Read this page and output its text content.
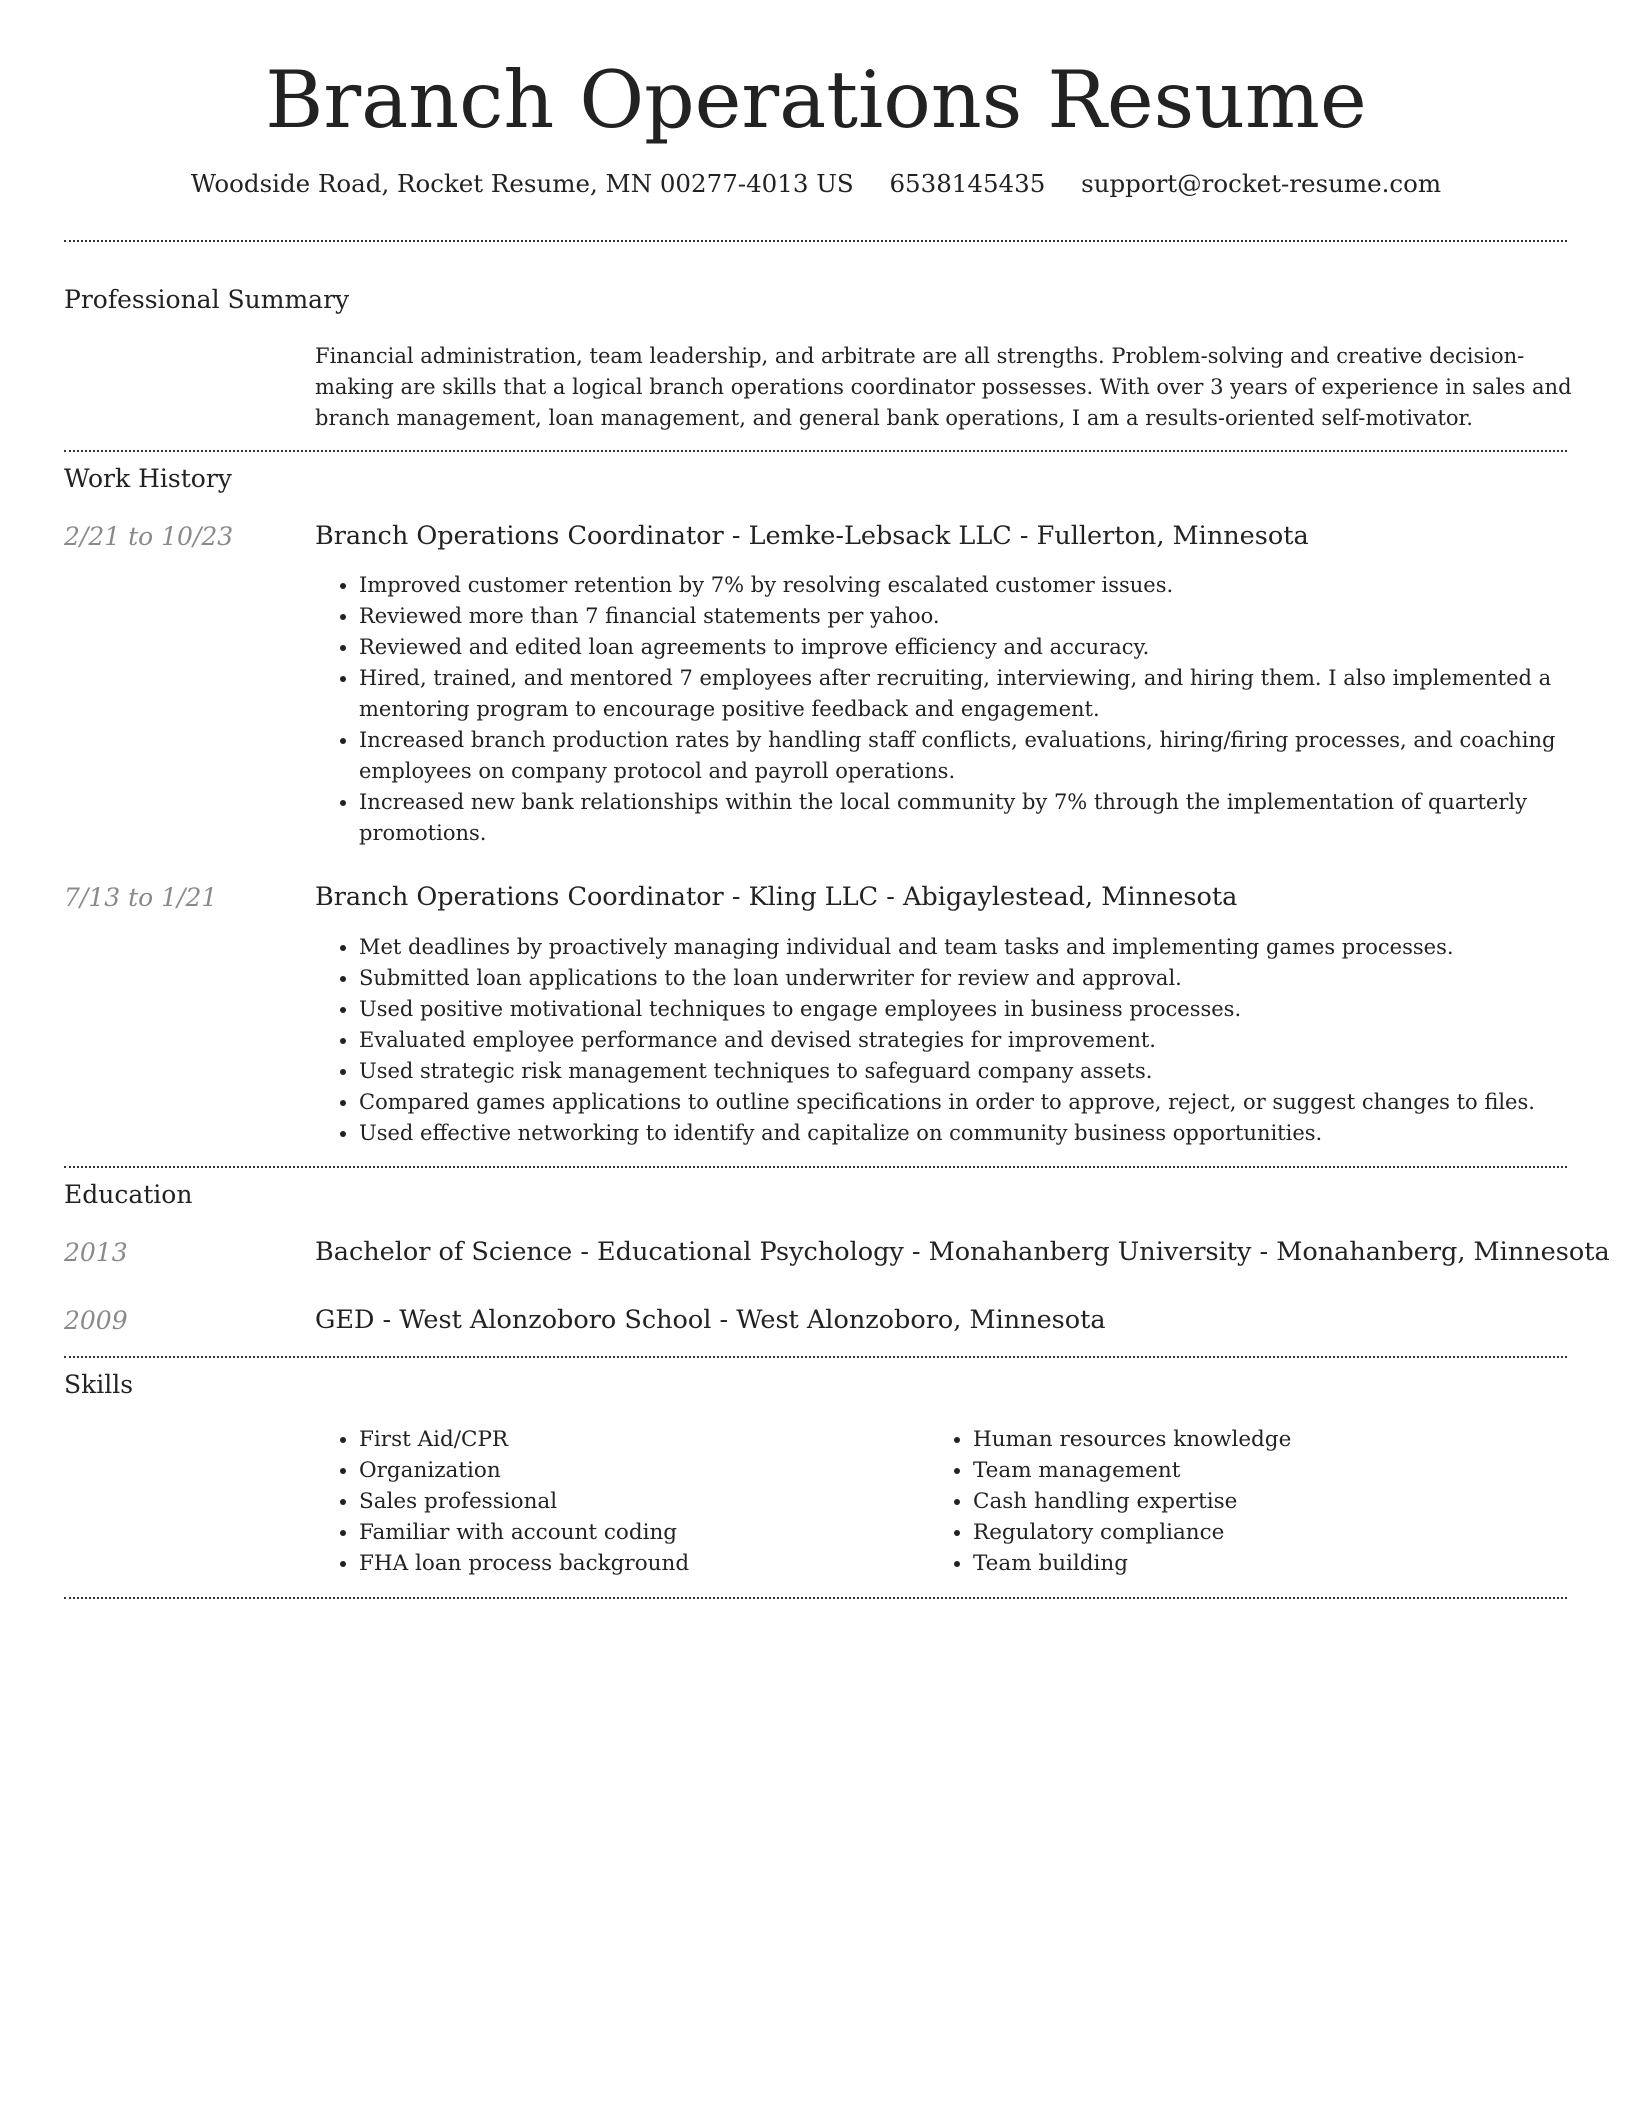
Branch Operations Resume
Woodside Road, Rocket Resume, MN 00277-4013 US 6538145435 support@rocket-resume.com
Professional Summary
Financial administration, team leadership, and arbitrate are all strengths. Problem-solving and creative decision-making are skills that a logical branch operations coordinator possesses. With over 3 years of experience in sales and branch management, loan management, and general bank operations, I am a results-oriented self-motivator.
Work History
2/21 to 10/23	Branch Operations Coordinator - Lemke-Lebsack LLC - Fullerton, Minnesota
• Improved customer retention by 7% by resolving escalated customer issues.
• Reviewed more than 7 financial statements per yahoo.
• Reviewed and edited loan agreements to improve efficiency and accuracy.
• Hired, trained, and mentored 7 employees after recruiting, interviewing, and hiring them. I also implemented a mentoring program to encourage positive feedback and engagement.
• Increased branch production rates by handling staff conflicts, evaluations, hiring/firing processes, and coaching employees on company protocol and payroll operations.
• Increased new bank relationships within the local community by 7% through the implementation of quarterly promotions.
7/13 to 1/21	Branch Operations Coordinator - Kling LLC - Abigaylestead, Minnesota
• Met deadlines by proactively managing individual and team tasks and implementing games processes.
• Submitted loan applications to the loan underwriter for review and approval.
• Used positive motivational techniques to engage employees in business processes.
• Evaluated employee performance and devised strategies for improvement.
• Used strategic risk management techniques to safeguard company assets.
• Compared games applications to outline specifications in order to approve, reject, or suggest changes to files.
• Used effective networking to identify and capitalize on community business opportunities.
Education
2013	Bachelor of Science - Educational Psychology - Monahanberg University - Monahanberg, Minnesota
2009	GED - West Alonzoboro School - West Alonzoboro, Minnesota
Skills
• First Aid/CPR
• Organization
• Sales professional
• Familiar with account coding
• FHA loan process background
• Human resources knowledge
• Team management
• Cash handling expertise
• Regulatory compliance
• Team building
